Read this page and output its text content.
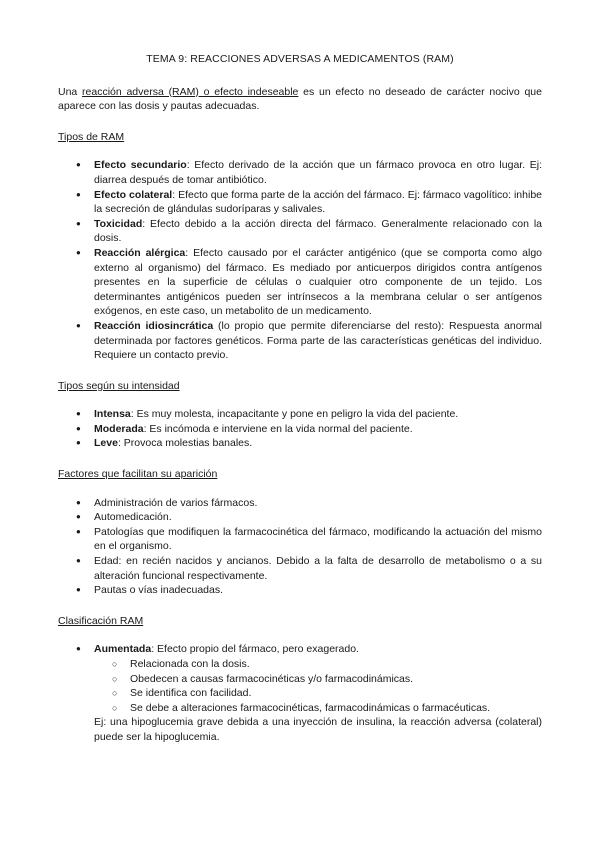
TEMA 9: REACCIONES ADVERSAS A MEDICAMENTOS (RAM)

Una reacción adversa (RAM) o efecto indeseable es un efecto no deseado de carácter nocivo que aparece con las dosis y pautas adecuadas.

Tipos de RAM

● Efecto secundario: Efecto derivado de la acción que un fármaco provoca en otro lugar. Ej: diarrea después de tomar antibiótico.
● Efecto colateral: Efecto que forma parte de la acción del fármaco. Ej: fármaco vagolítico: inhibe la secreción de glándulas sudoríparas y salivales.
● Toxicidad: Efecto debido a la acción directa del fármaco. Generalmente relacionado con la dosis.
● Reacción alérgica: Efecto causado por el carácter antigénico (que se comporta como algo externo al organismo) del fármaco. Es mediado por anticuerpos dirigidos contra antígenos presentes en la superficie de células o cualquier otro componente de un tejido. Los determinantes antigénicos pueden ser intrínsecos a la membrana celular o ser antígenos exógenos, en este caso, un metabolito de un medicamento.
● Reacción idiosincrática (lo propio que permite diferenciarse del resto): Respuesta anormal determinada por factores genéticos. Forma parte de las características genéticas del individuo. Requiere un contacto previo.

Tipos según su intensidad

● Intensa: Es muy molesta, incapacitante y pone en peligro la vida del paciente.
● Moderada: Es incómoda e interviene en la vida normal del paciente.
● Leve: Provoca molestias banales.

Factores que facilitan su aparición

● Administración de varios fármacos.
● Automedicación.
● Patologías que modifiquen la farmacocinética del fármaco, modificando la actuación del mismo en el organismo.
● Edad: en recién nacidos y ancianos. Debido a la falta de desarrollo de metabolismo o a su alteración funcional respectivamente.
● Pautas o vías inadecuadas.

Clasificación RAM

● Aumentada: Efecto propio del fármaco, pero exagerado.
○ Relacionada con la dosis.
○ Obedecen a causas farmacocinéticas y/o farmacodinámicas.
○ Se identifica con facilidad.
○ Se debe a alteraciones farmacocinéticas, farmacodinámicas o farmacéuticas.

Ej: una hipoglucemia grave debida a una inyección de insulina, la reacción adversa (colateral) puede ser la hipoglucemia.
